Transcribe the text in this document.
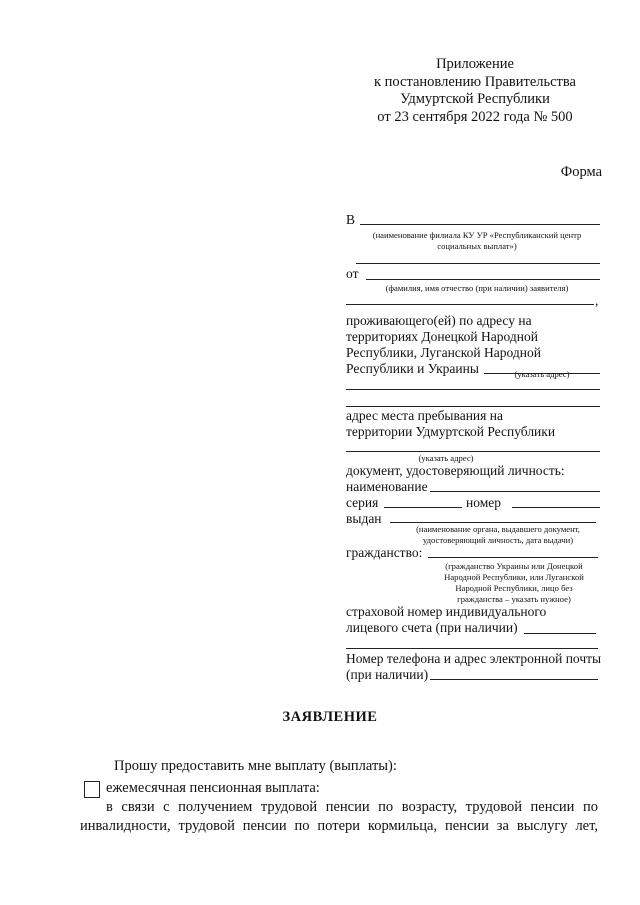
Приложение
к постановлению Правительства
Удмуртской Республики
от 23 сентября 2022 года № 500
Форма
В
(наименование филиала КУ УР «Республиканский центр
социальных выплат»)
от
(фамилия, имя отчество (при наличии) заявителя)
,
проживающего(ей) по адресу на
территориях Донецкой Народной
Республики, Луганской Народной
Республики и Украины	(указать адрес)
адрес места пребывания на
территории Удмуртской Республики
(указать адрес)
документ, удостоверяющий личность:
наименование
серия	номер
выдан
(наименование органа, выдавшего документ,
удостоверяющий личность, дата выдачи)
гражданство:
(гражданство Украины или Донецкой
Народной Республики, или Луганской
Народной Республики, лицо без
гражданства – указать нужное)
страховой номер индивидуального
лицевого счета (при наличии)
Номер телефона и адрес электронной почты
(при наличии)
ЗАЯВЛЕНИЕ
Прошу предоставить мне выплату (выплаты):
ежемесячная пенсионная выплата:
в связи с получением трудовой пенсии по возрасту, трудовой пенсии по
инвалидности, трудовой пенсии по потери кормильца, пенсии за выслугу лет,
